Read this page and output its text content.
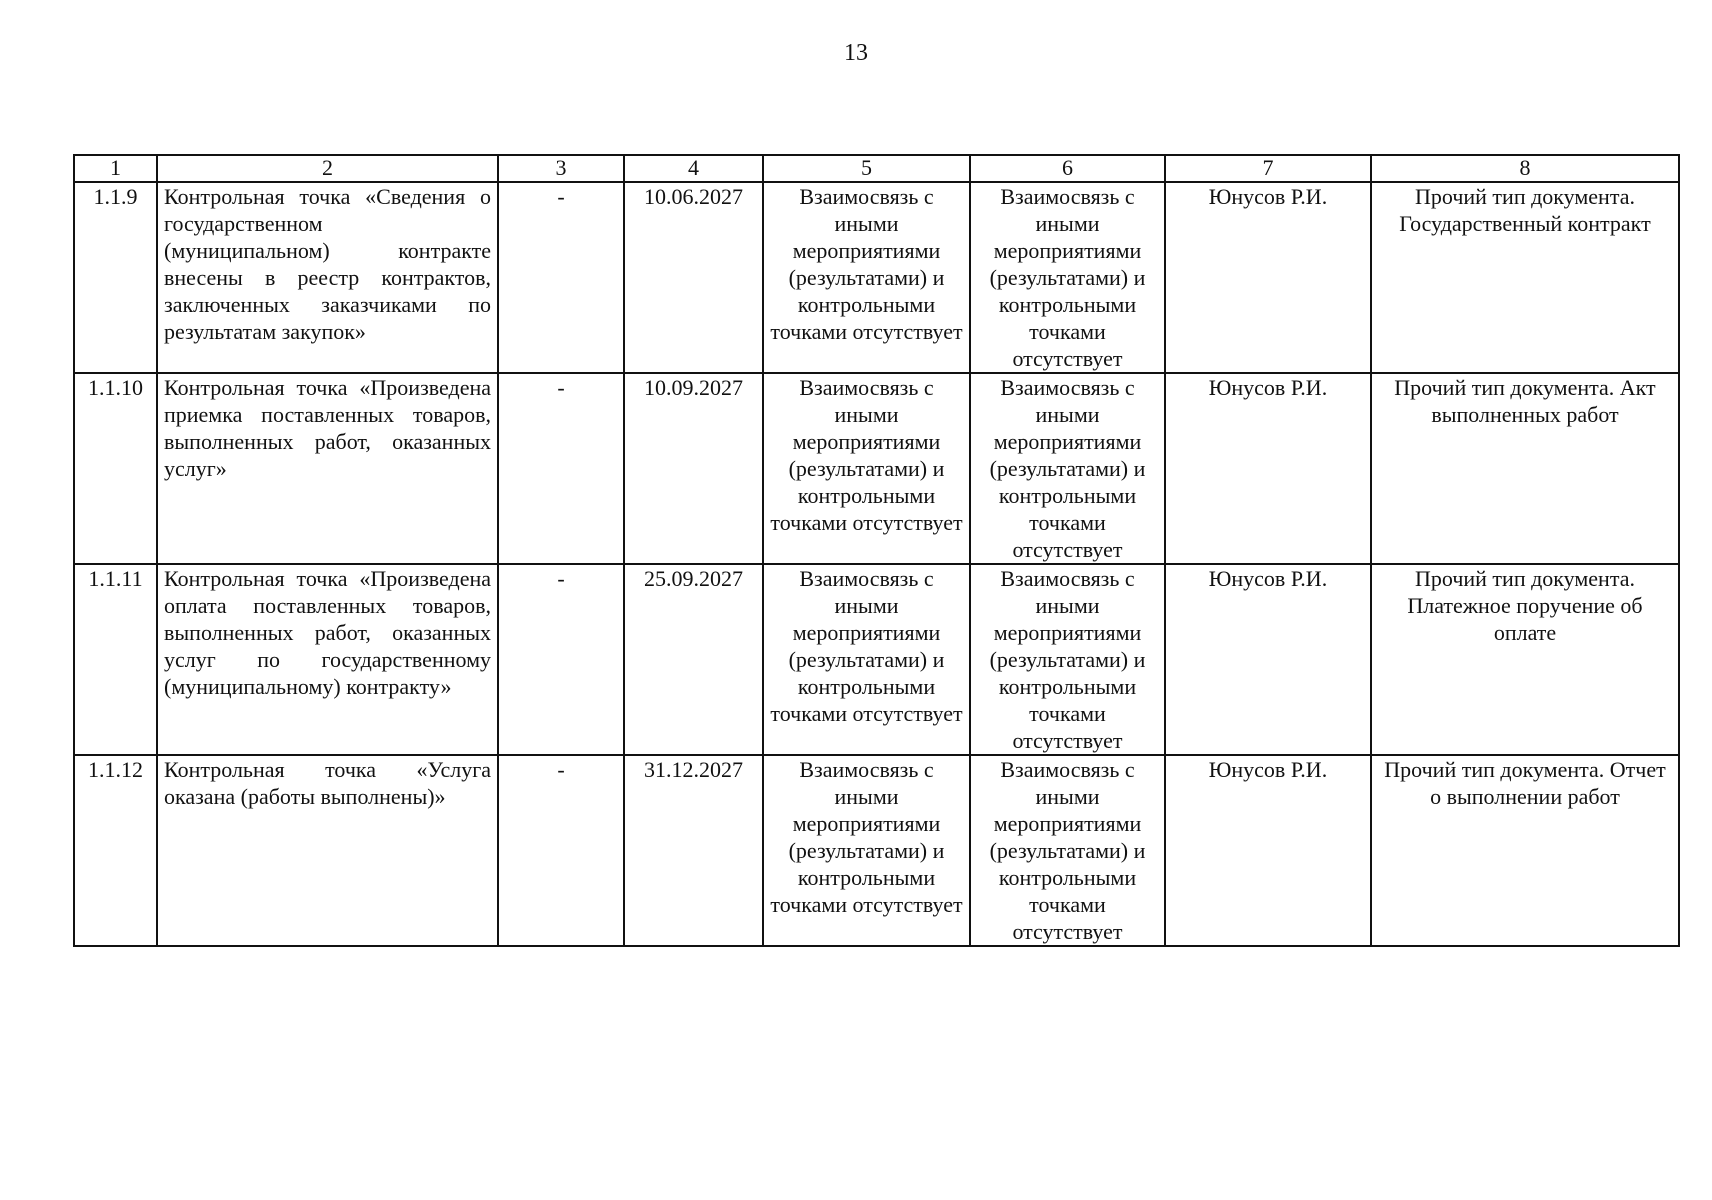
13
1	2	3	4	5	6	7	8
1.1.9	Контрольная точка «Сведения о государственном (муниципальном) контракте внесены в реестр контрактов, заключенных заказчиками по результатам закупок»	-	10.06.2027	Взаимосвязь с иными мероприятиями (результатами) и контрольными точками отсутствует	Взаимосвязь с иными мероприятиями (результатами) и контрольными точками отсутствует	Юнусов Р.И.	Прочий тип документа. Государственный контракт
1.1.10	Контрольная точка «Произведена приемка поставленных товаров, выполненных работ, оказанных услуг»	-	10.09.2027	Взаимосвязь с иными мероприятиями (результатами) и контрольными точками отсутствует	Взаимосвязь с иными мероприятиями (результатами) и контрольными точками отсутствует	Юнусов Р.И.	Прочий тип документа. Акт выполненных работ
1.1.11	Контрольная точка «Произведена оплата поставленных товаров, выполненных работ, оказанных услуг по государственному (муниципальному) контракту»	-	25.09.2027	Взаимосвязь с иными мероприятиями (результатами) и контрольными точками отсутствует	Взаимосвязь с иными мероприятиями (результатами) и контрольными точками отсутствует	Юнусов Р.И.	Прочий тип документа. Платежное поручение об оплате
1.1.12	Контрольная точка «Услуга оказана (работы выполнены)»	-	31.12.2027	Взаимосвязь с иными мероприятиями (результатами) и контрольными точками отсутствует	Взаимосвязь с иными мероприятиями (результатами) и контрольными точками отсутствует	Юнусов Р.И.	Прочий тип документа. Отчет о выполнении работ
